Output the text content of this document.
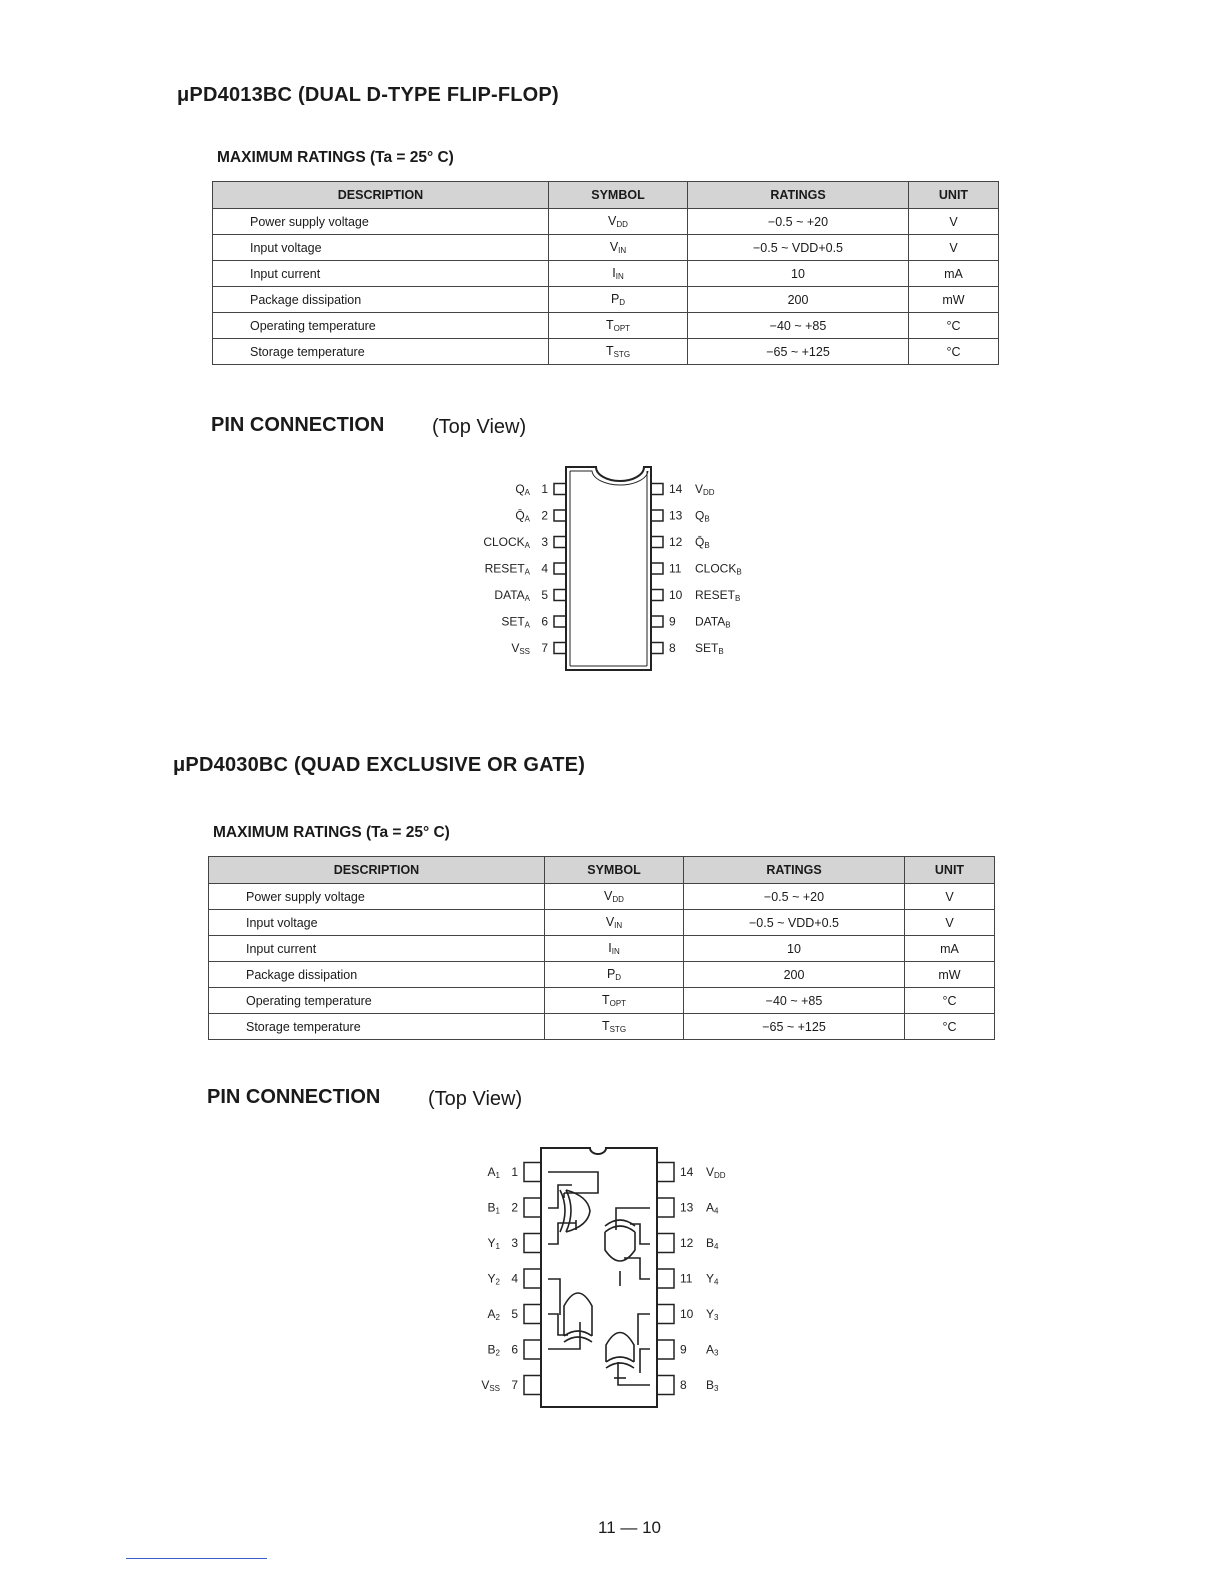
μPD4013BC (DUAL D-TYPE FLIP-FLOP)
MAXIMUM RATINGS (Ta = 25° C)
DESCRIPTION	SYMBOL	RATINGS	UNIT
Power supply voltage	$V_{DD}$	−0.5 ~ +20	V
Input voltage	$V_{IN}$	−0.5 ~ VDD+0.5	V
Input current	$I_{IN}$	10	mA
Package dissipation	$P_D$	200	mW
Operating temperature	$T_{OPT}$	−40 ~ +85	°C
Storage temperature	$T_{STG}$	−65 ~ +125	°C
PIN CONNECTION (Top View)
1
QA
2
Q̄A
3
CLOCKA
4
RESETA
5
DATAA
6
SETA
7
VSS
14 VDD
13 QB
12 Q̄B
11 CLOCKB
10 RESETB
9 DATAB
8 SETB
μPD4030BC (QUAD EXCLUSIVE OR GATE)
MAXIMUM RATINGS (Ta = 25° C)
DESCRIPTION	SYMBOL	RATINGS	UNIT
Power supply voltage	$V_{DD}$	−0.5 ~ +20	V
Input voltage	$V_{IN}$	−0.5 ~ VDD+0.5	V
Input current	$I_{IN}$	10	mA
Package dissipation	$P_D$	200	mW
Operating temperature	$T_{OPT}$	−40 ~ +85	°C
Storage temperature	$T_{STG}$	−65 ~ +125	°C
PIN CONNECTION (Top View)
1
A1
2
B1
3
Y1
4
Y2
5
A2
6
B2
7
VSS
14 VDD
13 A4
12 B4
11 Y4
10 Y3
9 A3
8 B3
11 — 10
